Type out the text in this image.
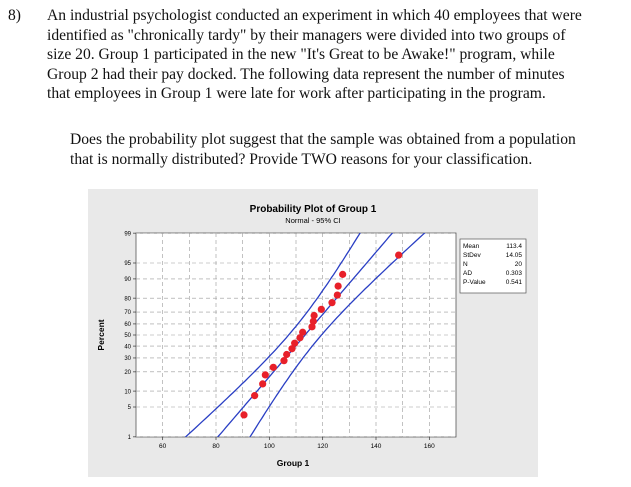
8) An industrial psychologist conducted an experiment in which 40 employees that were
identified as "chronically tardy" by their managers were divided into two groups of
size 20. Group 1 participated in the new "It's Great to be Awake!" program, while
Group 2 had their pay docked. The following data represent the number of minutes
that employees in Group 1 were late for work after participating in the program.
Does the probability plot suggest that the sample was obtained from a population
that is normally distributed? Provide TWO reasons for your classification.
Probability Plot of Group 1
Normal - 95% CI
1
5
10
20
30
40
50
60
70
80
90
95
99
60	80	100	120	140	160
Group 1
Percent
Mean	113.4
StDev	14.05
N	20
AD	0.303
P-Value	0.541
